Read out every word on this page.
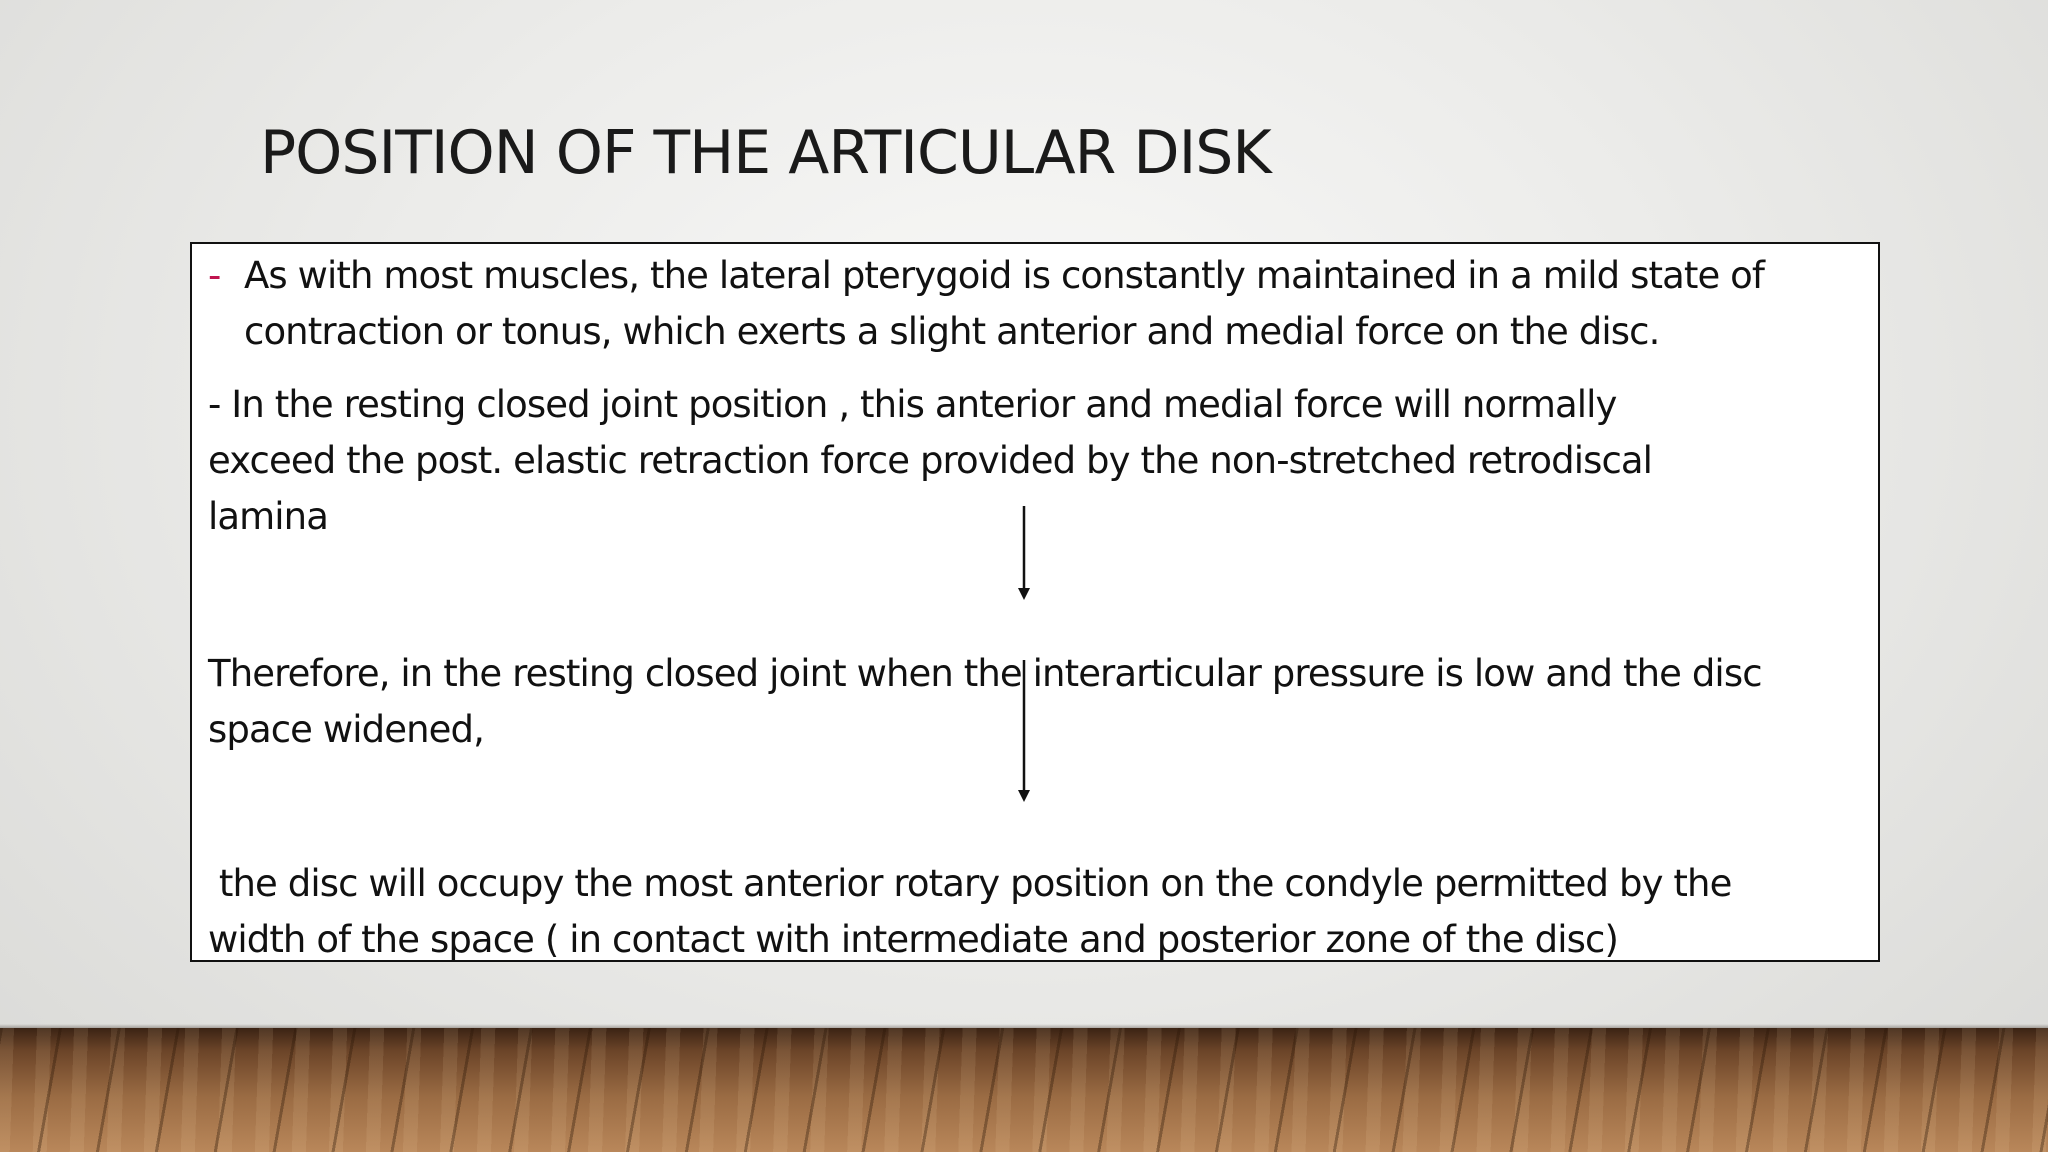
POSITION OF THE ARTICULAR DISK
- As with most muscles, the lateral pterygoid is constantly maintained in a mild state of
contraction or tonus, which exerts a slight anterior and medial force on the disc.
- In the resting closed joint position , this anterior and medial force will normally
exceed the post. elastic retraction force provided by the non-stretched retrodiscal
lamina
Therefore, in the resting closed joint when the interarticular pressure is low and the disc
space widened,
the disc will occupy the most anterior rotary position on the condyle permitted by the
width of the space ( in contact with intermediate and posterior zone of the disc)
